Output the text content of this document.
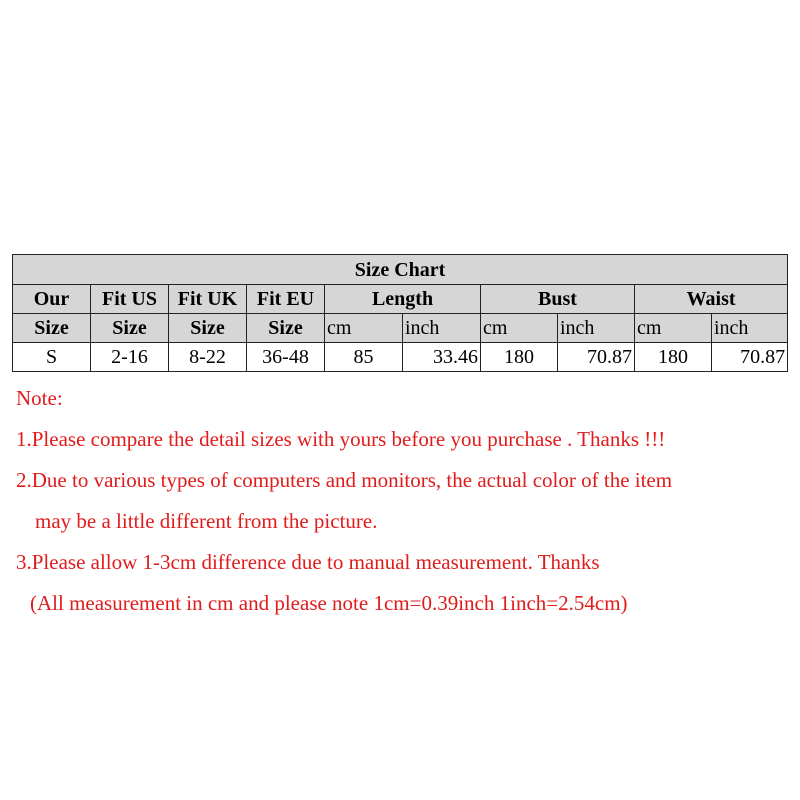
Size Chart									
Our	Fit US	Fit UK	Fit EU	Length		Bust		Waist	
Size	Size	Size	Size	cm	inch	cm	inch	cm	inch
S	2-16	8-22	36-48	85	33.46	180	70.87	180	70.87
Note:
1.Please compare the detail sizes with yours before you purchase . Thanks !!!
2.Due to various types of computers and monitors, the actual color of the item
may be a little different from the picture.
3.Please allow 1-3cm difference due to manual measurement. Thanks
(All measurement in cm and please note 1cm=0.39inch 1inch=2.54cm)
